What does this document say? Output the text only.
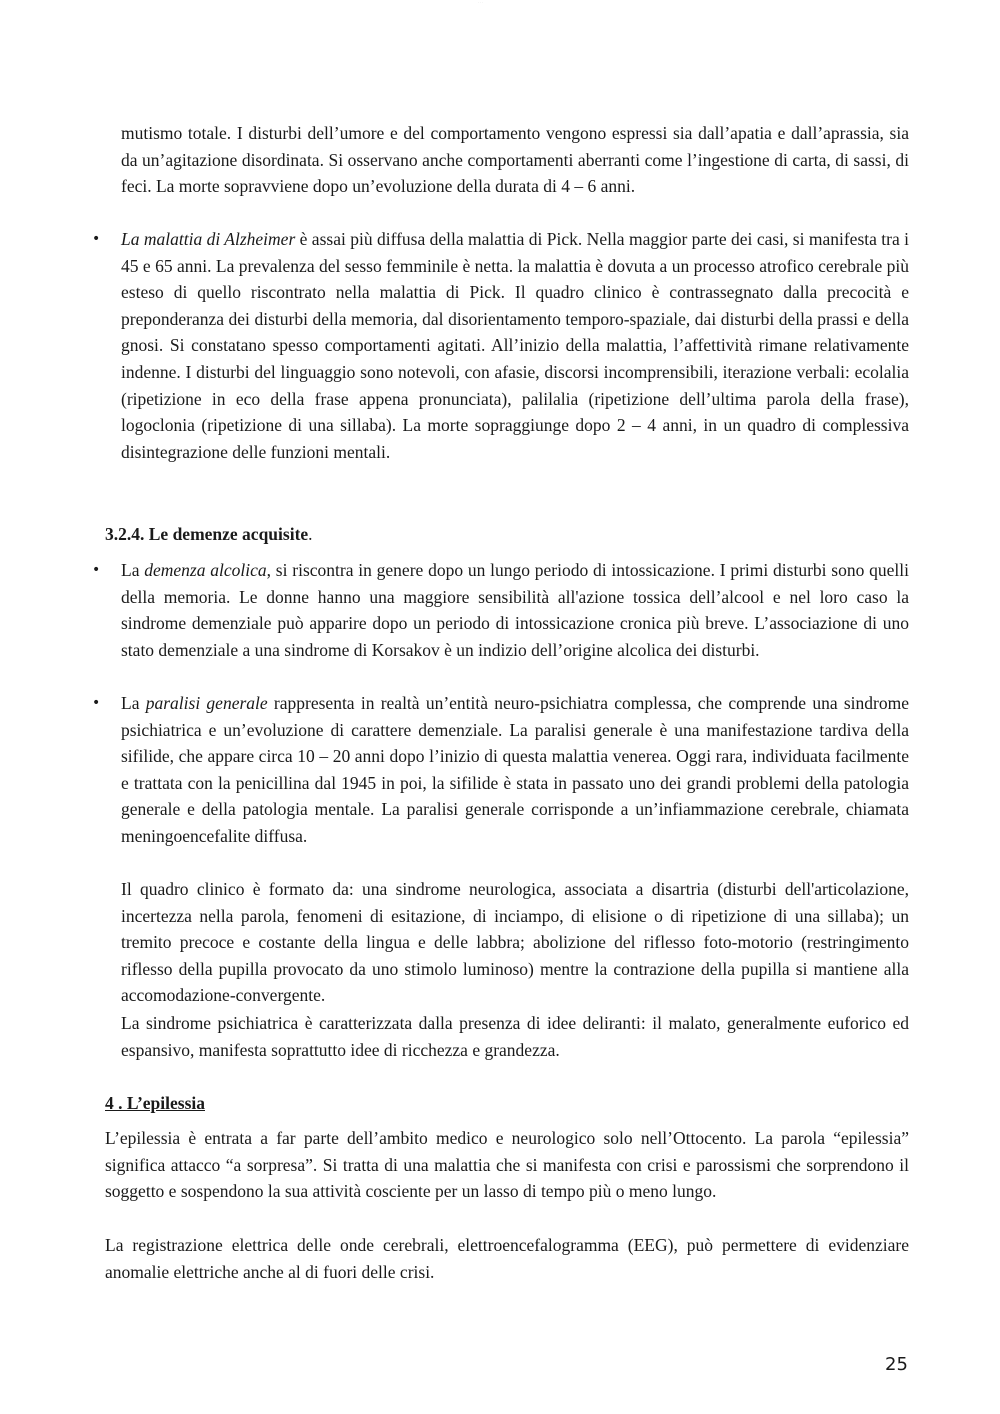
· · ·

mutismo totale. I disturbi dell’umore e del comportamento vengono espressi sia dall’apatia e dall’aprassia, sia da un’agitazione disordinata. Si osservano anche comportamenti aberranti come l’ingestione di carta, di sassi, di feci. La morte sopravviene dopo un’evoluzione della durata di 4 – 6 anni.

• La malattia di Alzheimer è assai più diffusa della malattia di Pick. Nella maggior parte dei casi, si manifesta tra i 45 e 65 anni. La prevalenza del sesso femminile è netta. la malattia è dovuta a un processo atrofico cerebrale più esteso di quello riscontrato nella malattia di Pick. Il quadro clinico è contrassegnato dalla precocità e preponderanza dei disturbi della memoria, dal disorientamento temporo-spaziale, dai disturbi della prassi e della gnosi. Si constatano spesso comportamenti agitati. All’inizio della malattia, l’affettività rimane relativamente indenne. I disturbi del linguaggio sono notevoli, con afasie, discorsi incomprensibili, iterazione verbali: ecolalia (ripetizione in eco della frase appena pronunciata), palilalia (ripetizione dell’ultima parola della frase), logoclonia (ripetizione di una sillaba). La morte sopraggiunge dopo 2 – 4 anni, in un quadro di complessiva disintegrazione delle funzioni mentali.

3.2.4. Le demenze acquisite.
• La demenza alcolica, si riscontra in genere dopo un lungo periodo di intossicazione. I primi disturbi sono quelli della memoria. Le donne hanno una maggiore sensibilità all'azione tossica dell’alcool e nel loro caso la sindrome demenziale può apparire dopo un periodo di intossicazione cronica più breve. L’associazione di uno stato demenziale a una sindrome di Korsakov è un indizio dell’origine alcolica dei disturbi.

• La paralisi generale rappresenta in realtà un’entità neuro-psichiatra complessa, che comprende una sindrome psichiatrica e un’evoluzione di carattere demenziale. La paralisi generale è una manifestazione tardiva della sifilide, che appare circa 10 – 20 anni dopo l’inizio di questa malattia venerea. Oggi rara, individuata facilmente e trattata con la penicillina dal 1945 in poi, la sifilide è stata in passato uno dei grandi problemi della patologia generale e della patologia mentale. La paralisi generale corrisponde a un’infiammazione cerebrale, chiamata meningoencefalite diffusa.

Il quadro clinico è formato da: una sindrome neurologica, associata a disartria (disturbi dell'articolazione, incertezza nella parola, fenomeni di esitazione, di inciampo, di elisione o di ripetizione di una sillaba); un tremito precoce e costante della lingua e delle labbra; abolizione del riflesso foto-motorio (restringimento riflesso della pupilla provocato da uno stimolo luminoso) mentre la contrazione della pupilla si mantiene alla accomodazione-convergente.

La sindrome psichiatrica è caratterizzata dalla presenza di idee deliranti: il malato, generalmente euforico ed espansivo, manifesta soprattutto idee di ricchezza e grandezza.

4 . L’epilessia

L’epilessia è entrata a far parte dell’ambito medico e neurologico solo nell’Ottocento. La parola “epilessia” significa attacco “a sorpresa”. Si tratta di una malattia che si manifesta con crisi e parossismi che sorprendono il soggetto e sospendono la sua attività cosciente per un lasso di tempo più o meno lungo.

La registrazione elettrica delle onde cerebrali, elettroencefalogramma (EEG), può permettere di evidenziare anomalie elettriche anche al di fuori delle crisi.

25
